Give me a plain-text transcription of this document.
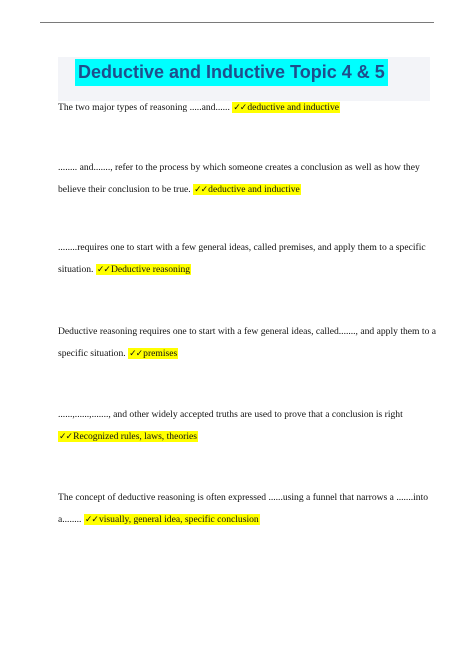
Deductive and Inductive Topic 4 & 5

The two major types of reasoning .....and...... ✓✓deductive and inductive

........ and......., refer to the process by which someone creates a conclusion as well as how they believe their conclusion to be true. ✓✓deductive and inductive

........requires one to start with a few general ideas, called premises, and apply them to a specific situation. ✓✓Deductive reasoning

Deductive reasoning requires one to start with a few general ideas, called......., and apply them to a specific situation. ✓✓premises

......,......,......., and other widely accepted truths are used to prove that a conclusion is right ✓✓Recognized rules, laws, theories

The concept of deductive reasoning is often expressed ......using a funnel that narrows a .......into a........ ✓✓visually, general idea, specific conclusion
